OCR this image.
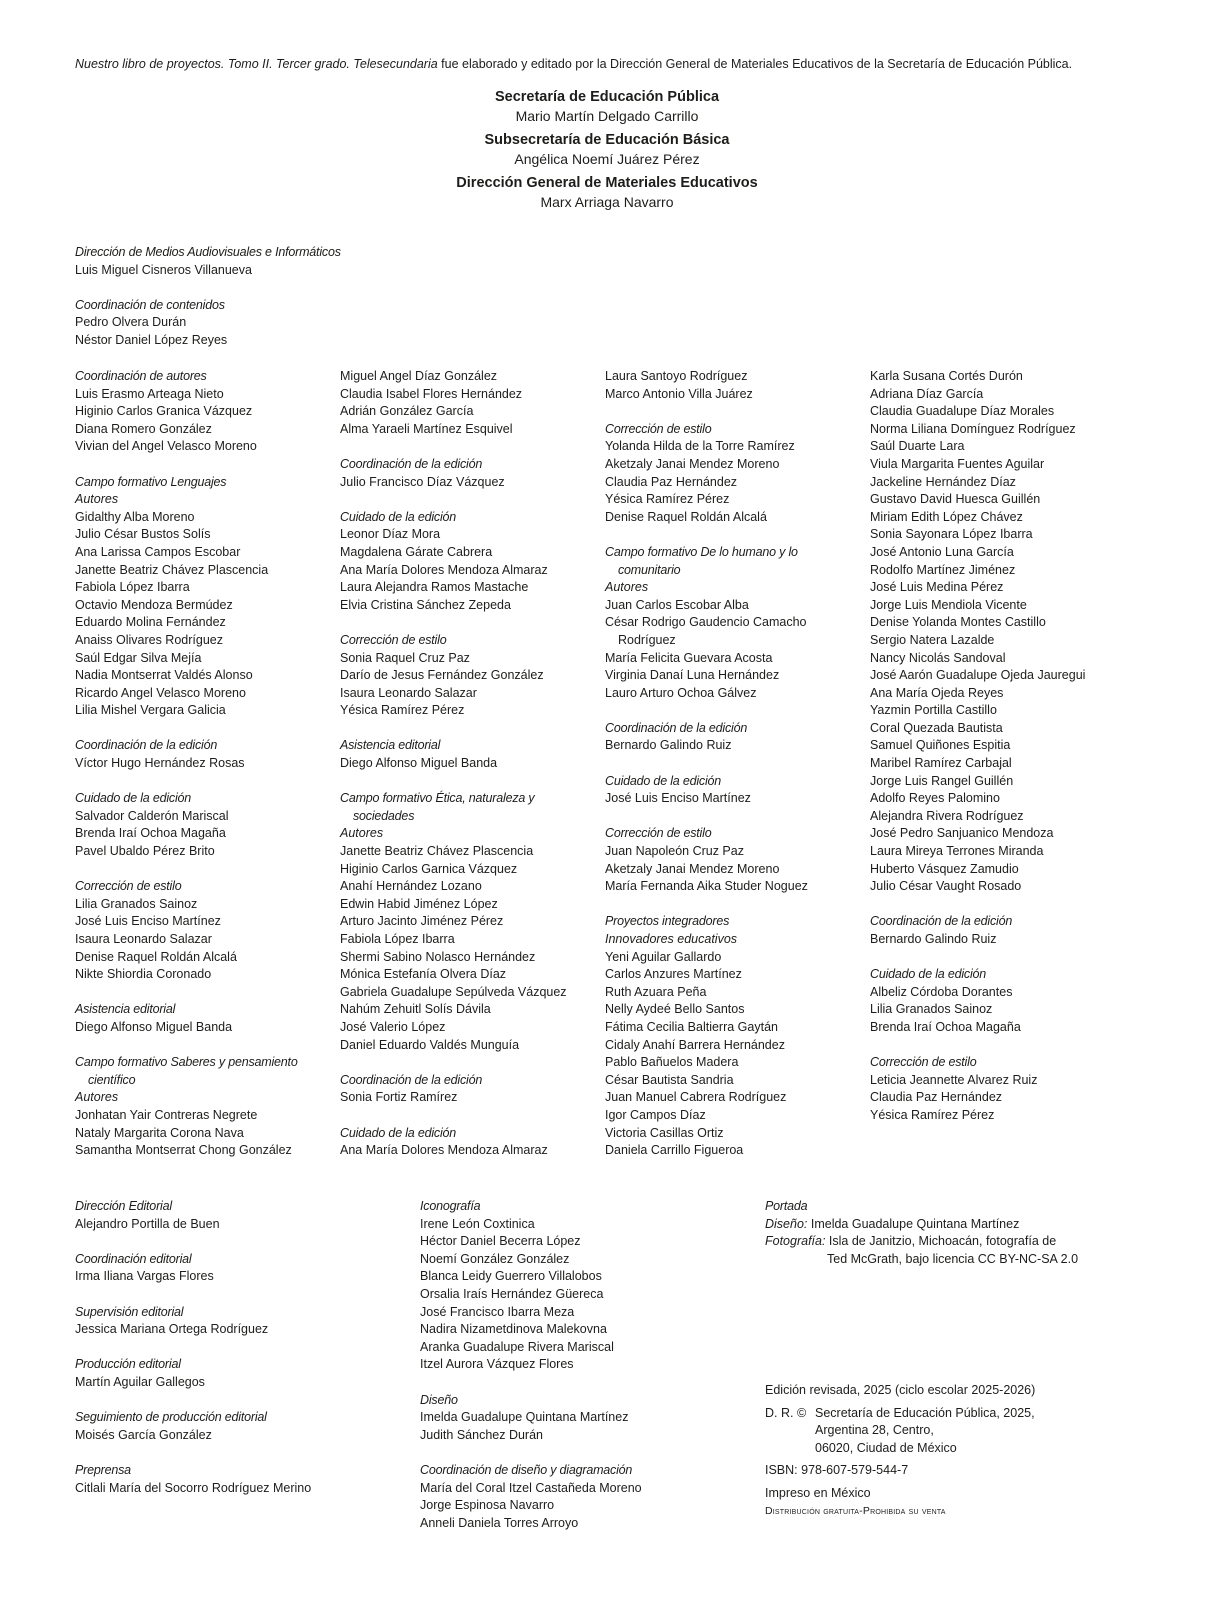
Nuestro libro de proyectos. Tomo II. Tercer grado. Telesecundaria fue elaborado y editado por la Dirección General de Materiales Educativos de la Secretaría de Educación Pública.
Secretaría de Educación Pública
Mario Martín Delgado Carrillo
Subsecretaría de Educación Básica
Angélica Noemí Juárez Pérez
Dirección General de Materiales Educativos
Marx Arriaga Navarro
Dirección de Medios Audiovisuales e Informáticos
Luis Miguel Cisneros Villanueva
Coordinación de contenidos
Pedro Olvera Durán
Néstor Daniel López Reyes
Coordinación de autores
Luis Erasmo Arteaga Nieto
Higinio Carlos Granica Vázquez
Diana Romero González
Vivian del Angel Velasco Moreno
Campo formativo Lenguajes
Autores
Gidalthy Alba Moreno
Julio César Bustos Solís
Ana Larissa Campos Escobar
Janette Beatriz Chávez Plascencia
Fabiola López Ibarra
Octavio Mendoza Bermúdez
Eduardo Molina Fernández
Anaiss Olivares Rodríguez
Saúl Edgar Silva Mejía
Nadia Montserrat Valdés Alonso
Ricardo Angel Velasco Moreno
Lilia Mishel Vergara Galicia
Coordinación de la edición
Víctor Hugo Hernández Rosas
Cuidado de la edición
Salvador Calderón Mariscal
Brenda Iraí Ochoa Magaña
Pavel Ubaldo Pérez Brito
Corrección de estilo
Lilia Granados Sainoz
José Luis Enciso Martínez
Isaura Leonardo Salazar
Denise Raquel Roldán Alcalá
Nikte Shiordia Coronado
Asistencia editorial
Diego Alfonso Miguel Banda
Campo formativo Saberes y pensamiento científico
Autores
Jonhatan Yair Contreras Negrete
Nataly Margarita Corona Nava
Samantha Montserrat Chong González
Miguel Angel Díaz González
Claudia Isabel Flores Hernández
Adrián González García
Alma Yaraeli Martínez Esquivel
Coordinación de la edición
Julio Francisco Díaz Vázquez
Cuidado de la edición
Leonor Díaz Mora
Magdalena Gárate Cabrera
Ana María Dolores Mendoza Almaraz
Laura Alejandra Ramos Mastache
Elvia Cristina Sánchez Zepeda
Corrección de estilo
Sonia Raquel Cruz Paz
Darío de Jesus Fernández González
Isaura Leonardo Salazar
Yésica Ramírez Pérez
Asistencia editorial
Diego Alfonso Miguel Banda
Campo formativo Ética, naturaleza y sociedades
Autores
Janette Beatriz Chávez Plascencia
Higinio Carlos Garnica Vázquez
Anahí Hernández Lozano
Edwin Habid Jiménez López
Arturo Jacinto Jiménez Pérez
Fabiola López Ibarra
Shermi Sabino Nolasco Hernández
Mónica Estefanía Olvera Díaz
Gabriela Guadalupe Sepúlveda Vázquez
Nahúm Zehuitl Solís Dávila
José Valerio López
Daniel Eduardo Valdés Munguía
Coordinación de la edición
Sonia Fortiz Ramírez
Cuidado de la edición
Ana María Dolores Mendoza Almaraz
Laura Santoyo Rodríguez
Marco Antonio Villa Juárez
Corrección de estilo
Yolanda Hilda de la Torre Ramírez
Aketzaly Janai Mendez Moreno
Claudia Paz Hernández
Yésica Ramírez Pérez
Denise Raquel Roldán Alcalá
Campo formativo De lo humano y lo comunitario
Autores
Juan Carlos Escobar Alba
César Rodrigo Gaudencio Camacho Rodríguez
María Felicita Guevara Acosta
Virginia Danaí Luna Hernández
Lauro Arturo Ochoa Gálvez
Coordinación de la edición
Bernardo Galindo Ruiz
Cuidado de la edición
José Luis Enciso Martínez
Corrección de estilo
Juan Napoleón Cruz Paz
Aketzaly Janai Mendez Moreno
María Fernanda Aika Studer Noguez
Proyectos integradores
Innovadores educativos
Yeni Aguilar Gallardo
Carlos Anzures Martínez
Ruth Azuara Peña
Nelly Aydeé Bello Santos
Fátima Cecilia Baltierra Gaytán
Cidaly Anahí Barrera Hernández
Pablo Bañuelos Madera
César Bautista Sandria
Juan Manuel Cabrera Rodríguez
Igor Campos Díaz
Victoria Casillas Ortiz
Daniela Carrillo Figueroa
Karla Susana Cortés Durón
Adriana Díaz García
Claudia Guadalupe Díaz Morales
Norma Liliana Domínguez Rodríguez
Saúl Duarte Lara
Viula Margarita Fuentes Aguilar
Jackeline Hernández Díaz
Gustavo David Huesca Guillén
Miriam Edith López Chávez
Sonia Sayonara López Ibarra
José Antonio Luna García
Rodolfo Martínez Jiménez
José Luis Medina Pérez
Jorge Luis Mendiola Vicente
Denise Yolanda Montes Castillo
Sergio Natera Lazalde
Nancy Nicolás Sandoval
José Aarón Guadalupe Ojeda Jauregui
Ana María Ojeda Reyes
Yazmin Portilla Castillo
Coral Quezada Bautista
Samuel Quiñones Espitia
Maribel Ramírez Carbajal
Jorge Luis Rangel Guillén
Adolfo Reyes Palomino
Alejandra Rivera Rodríguez
José Pedro Sanjuanico Mendoza
Laura Mireya Terrones Miranda
Huberto Vásquez Zamudio
Julio César Vaught Rosado
Coordinación de la edición
Bernardo Galindo Ruiz
Cuidado de la edición
Albeliz Córdoba Dorantes
Lilia Granados Sainoz
Brenda Iraí Ochoa Magaña
Corrección de estilo
Leticia Jeannette Alvarez Ruiz
Claudia Paz Hernández
Yésica Ramírez Pérez
Dirección Editorial
Alejandro Portilla de Buen
Coordinación editorial
Irma Iliana Vargas Flores
Supervisión editorial
Jessica Mariana Ortega Rodríguez
Producción editorial
Martín Aguilar Gallegos
Seguimiento de producción editorial
Moisés García González
Preprensa
Citlali María del Socorro Rodríguez Merino
Iconografía
Irene León Coxtinica
Héctor Daniel Becerra López
Noemí González González
Blanca Leidy Guerrero Villalobos
Orsalia Iraís Hernández Güereca
José Francisco Ibarra Meza
Nadira Nizametdinova Malekovna
Aranka Guadalupe Rivera Mariscal
Itzel Aurora Vázquez Flores
Diseño
Imelda Guadalupe Quintana Martínez
Judith Sánchez Durán
Coordinación de diseño y diagramación
María del Coral Itzel Castañeda Moreno
Jorge Espinosa Navarro
Anneli Daniela Torres Arroyo
Portada
Diseño: Imelda Guadalupe Quintana Martínez
Fotografía: Isla de Janitzio, Michoacán, fotografía de
Ted McGrath, bajo licencia CC BY-NC-SA 2.0
Edición revisada, 2025 (ciclo escolar 2025-2026)
D. R. © Secretaría de Educación Pública, 2025,
Argentina 28, Centro,
06020, Ciudad de México
ISBN: 978-607-579-544-7
Impreso en México
Distribución gratuita-Prohibida su venta
